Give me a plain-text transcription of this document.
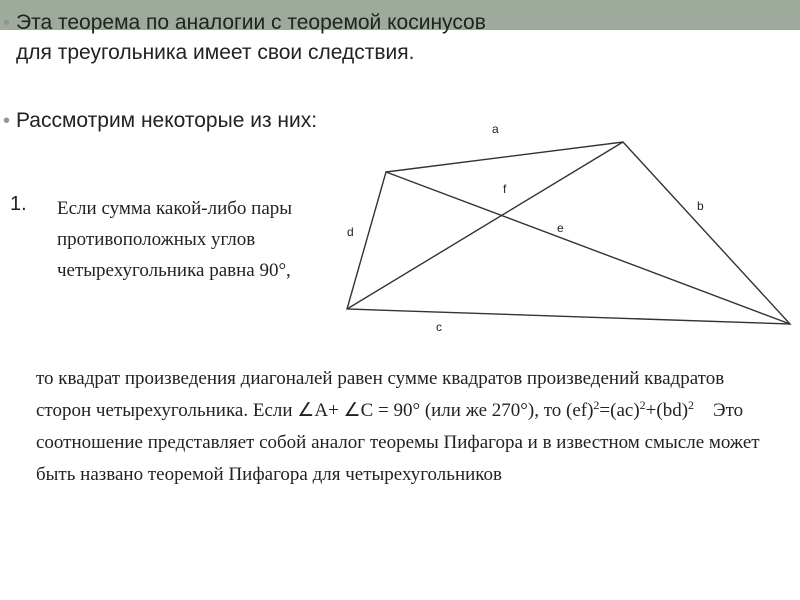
• Эта теорема по аналогии с теоремой косинусов для треугольника имеет свои следствия.
• Рассмотрим некоторые из них:
1. Если сумма какой-либо пары противоположных углов четырехугольника равна 90°,
то квадрат произведения диагоналей равен сумме квадратов произведений квадратов сторон четырехугольника. Если ∠A+ ∠C = 90° (или же 270°), то (ef)$^2$=(ac)$^2$+(bd)$^2$    Это соотношение представляет собой аналог теоремы Пифагора и в известном смысле может быть названо теоремой Пифагора для четырехугольников
a
b
c
d	e
f
